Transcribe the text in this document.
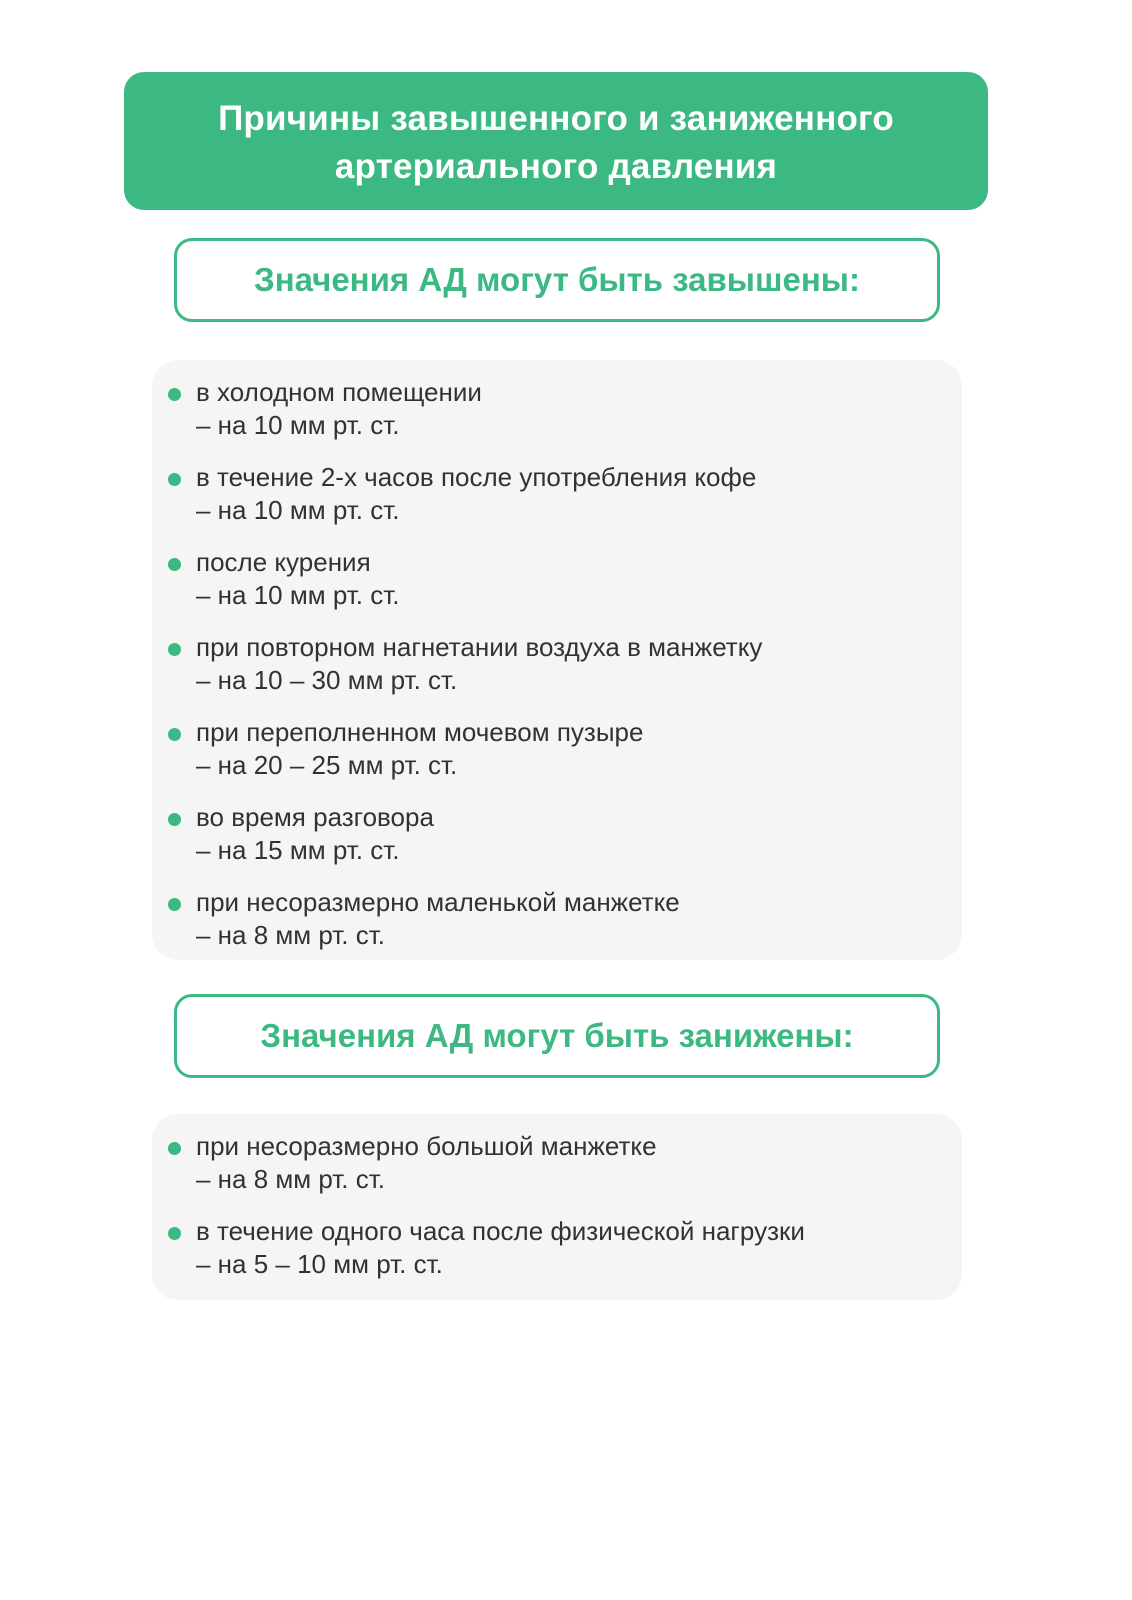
Причины завышенного и заниженного
артериального давления
Значения АД могут быть завышены:
в холодном помещении
– на 10 мм рт. ст.
в течение 2-х часов после употребления кофе
– на 10 мм рт. ст.
после курения
– на 10 мм рт. ст.
при повторном нагнетании воздуха в манжетку
– на 10 – 30 мм рт. ст.
при переполненном мочевом пузыре
– на 20 – 25 мм рт. ст.
во время разговора
– на 15 мм рт. ст.
при несоразмерно маленькой манжетке
– на 8 мм рт. ст.
Значения АД могут быть занижены:
при несоразмерно большой манжетке
– на 8 мм рт. ст.
в течение одного часа после физической нагрузки
– на 5 – 10 мм рт. ст.
